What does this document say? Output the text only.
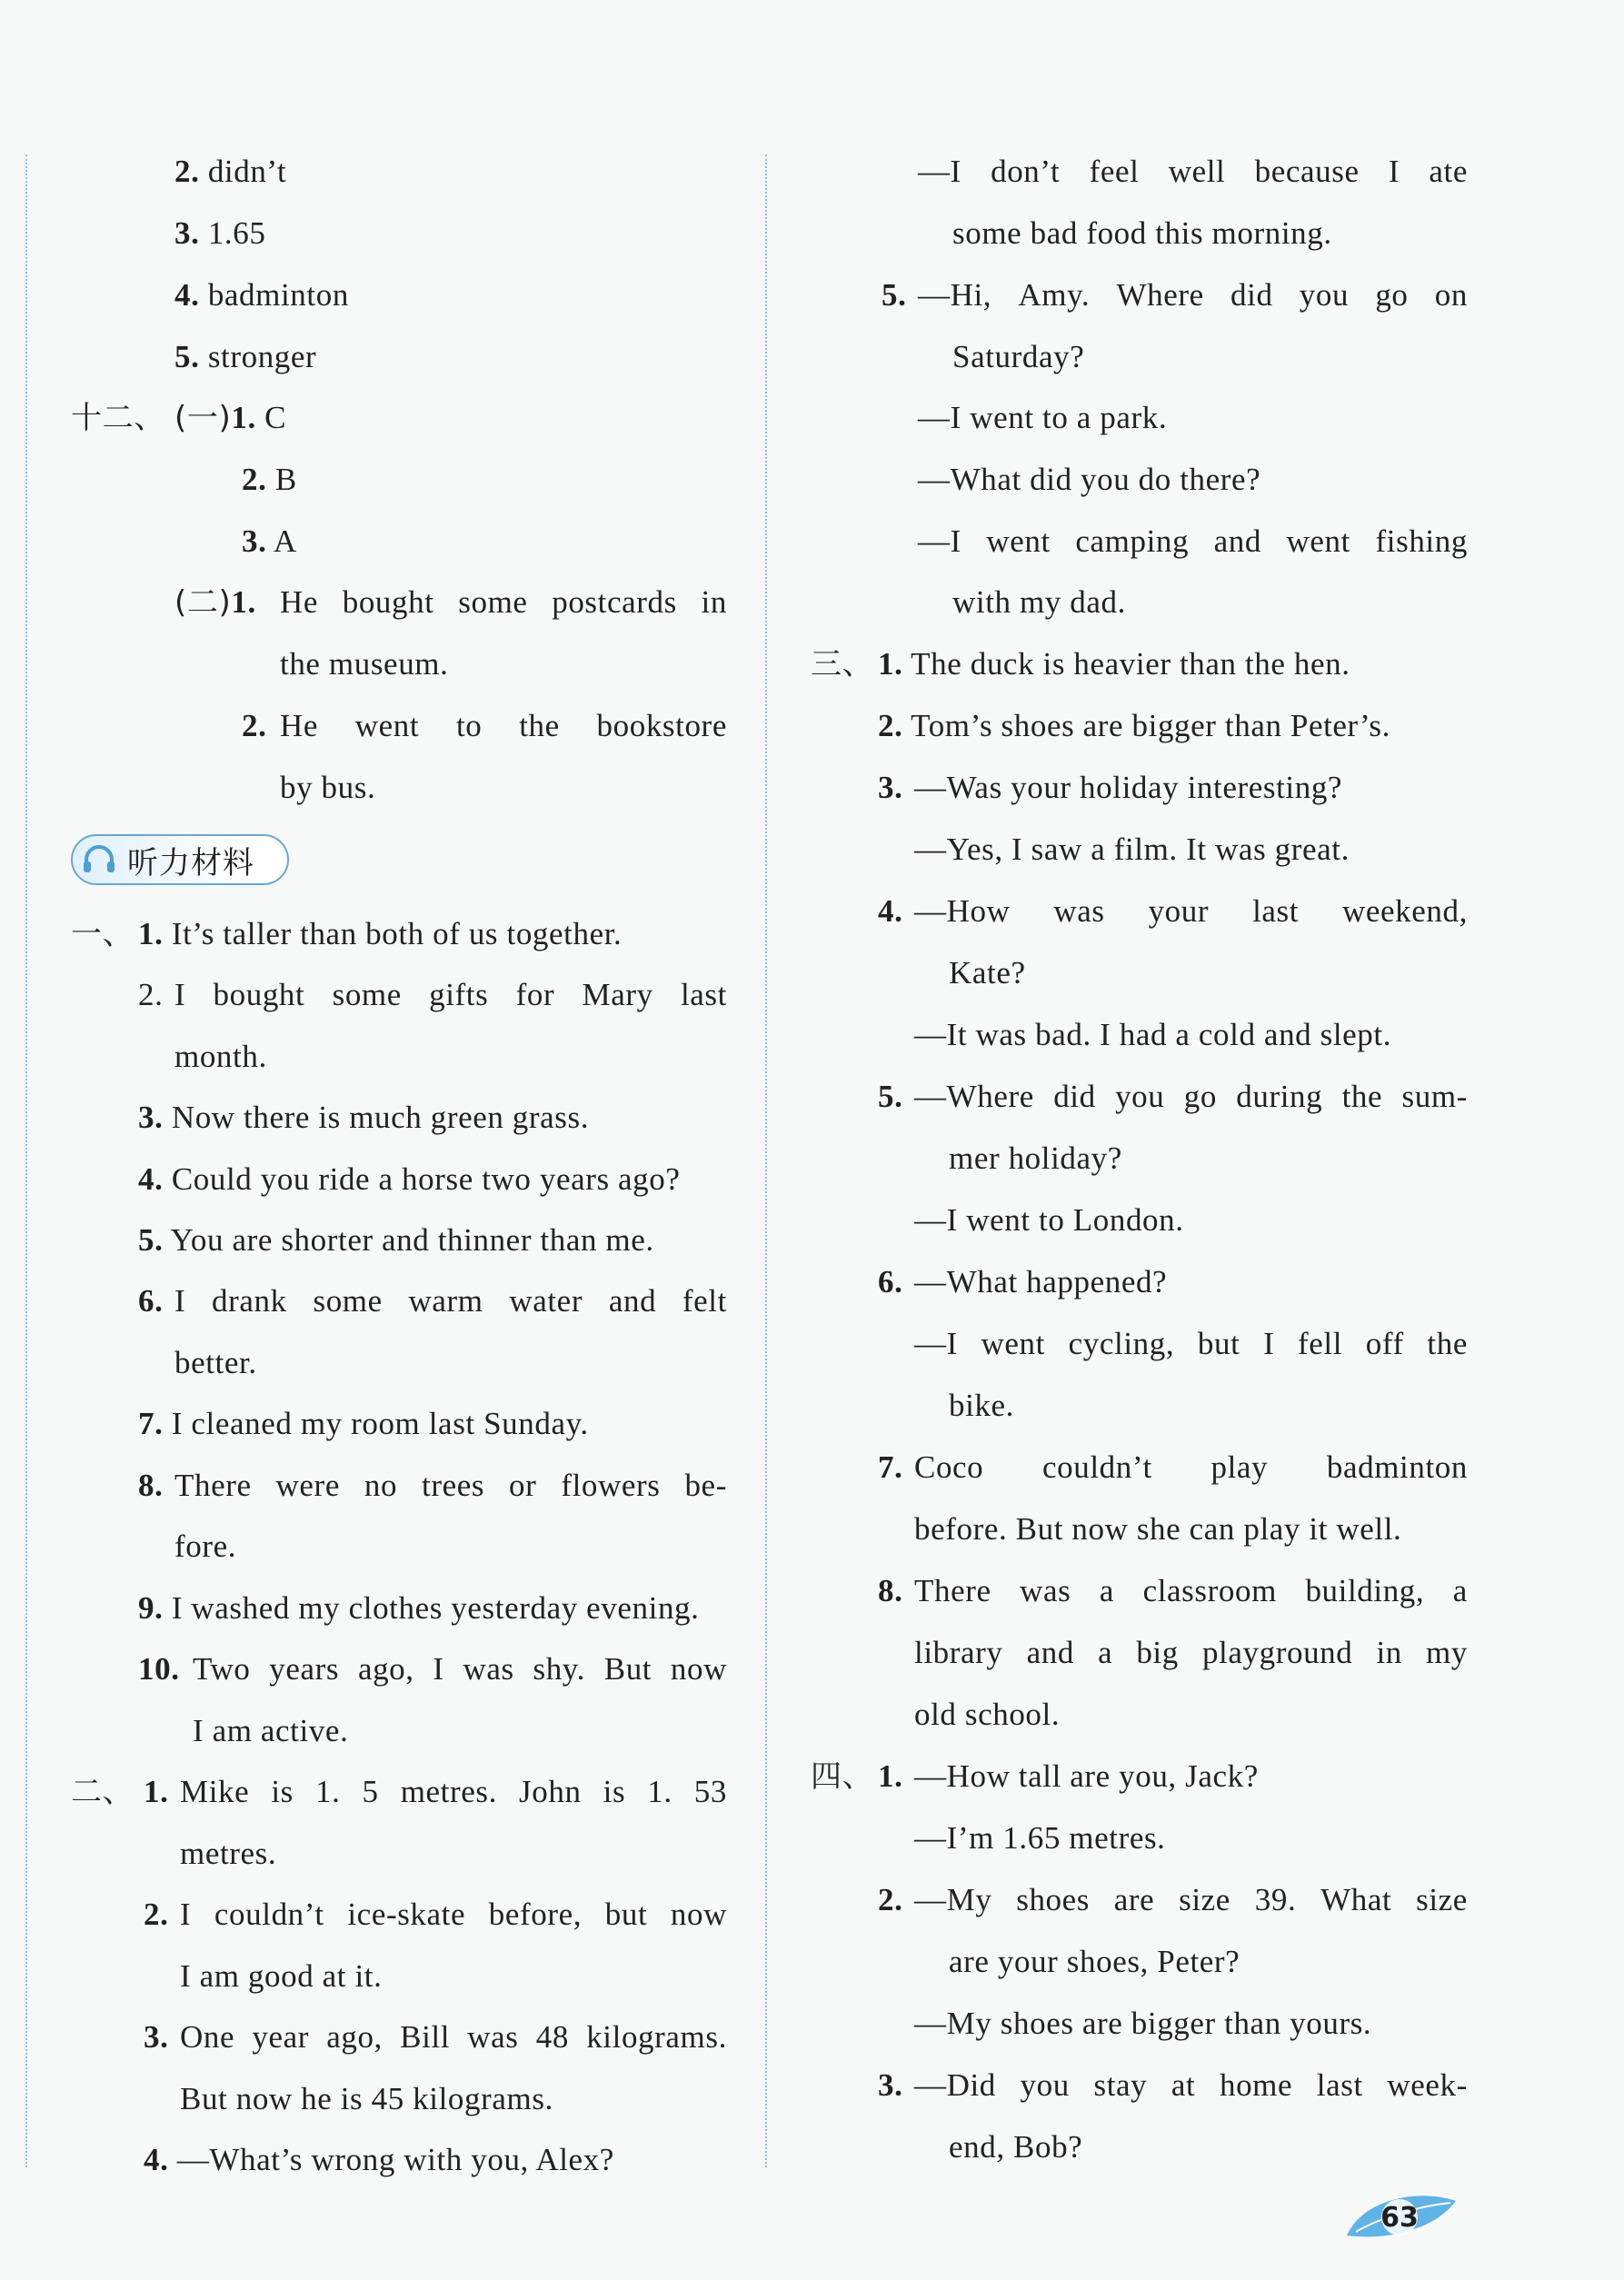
2. didn’t
3. 1.65
4. badminton
5. stronger
十二、 (一)1. C
2. B
3. A
(二)1. He bought some postcards in
the museum.
2. He went to the bookstore
by bus.
听力材料
一、 1. It’s taller than both of us together.
2. I bought some gifts for Mary last
month.
3. Now there is much green grass.
4. Could you ride a horse two years ago?
5. You are shorter and thinner than me.
6. I drank some warm water and felt
better.
7. I cleaned my room last Sunday.
8. There were no trees or flowers be-
fore.
9. I washed my clothes yesterday evening.
10. Two years ago, I was shy. But now
I am active.
二、 1. Mike is 1. 5 metres. John is 1. 53
metres.
2. I couldn’t ice-skate before, but now
I am good at it.
3. One year ago, Bill was 48 kilograms.
But now he is 45 kilograms.
4. —What’s wrong with you, Alex?
—I don’t feel well because I ate
some bad food this morning.
5. —Hi, Amy. Where did you go on
Saturday?
—I went to a park.
—What did you do there?
—I went camping and went fishing
with my dad.
三、 1. The duck is heavier than the hen.
2. Tom’s shoes are bigger than Peter’s.
3. —Was your holiday interesting?
—Yes, I saw a film. It was great.
4. —How was your last weekend,
Kate?
—It was bad. I had a cold and slept.
5. —Where did you go during the sum-
mer holiday?
—I went to London.
6. —What happened?
—I went cycling, but I fell off the
bike.
7. Coco couldn’t play badminton
before. But now she can play it well.
8. There was a classroom building, a
library and a big playground in my
old school.
四、 1. —How tall are you, Jack?
—I’m 1.65 metres.
2. —My shoes are size 39. What size
are your shoes, Peter?
—My shoes are bigger than yours.
3. —Did you stay at home last week-
end, Bob?
63
